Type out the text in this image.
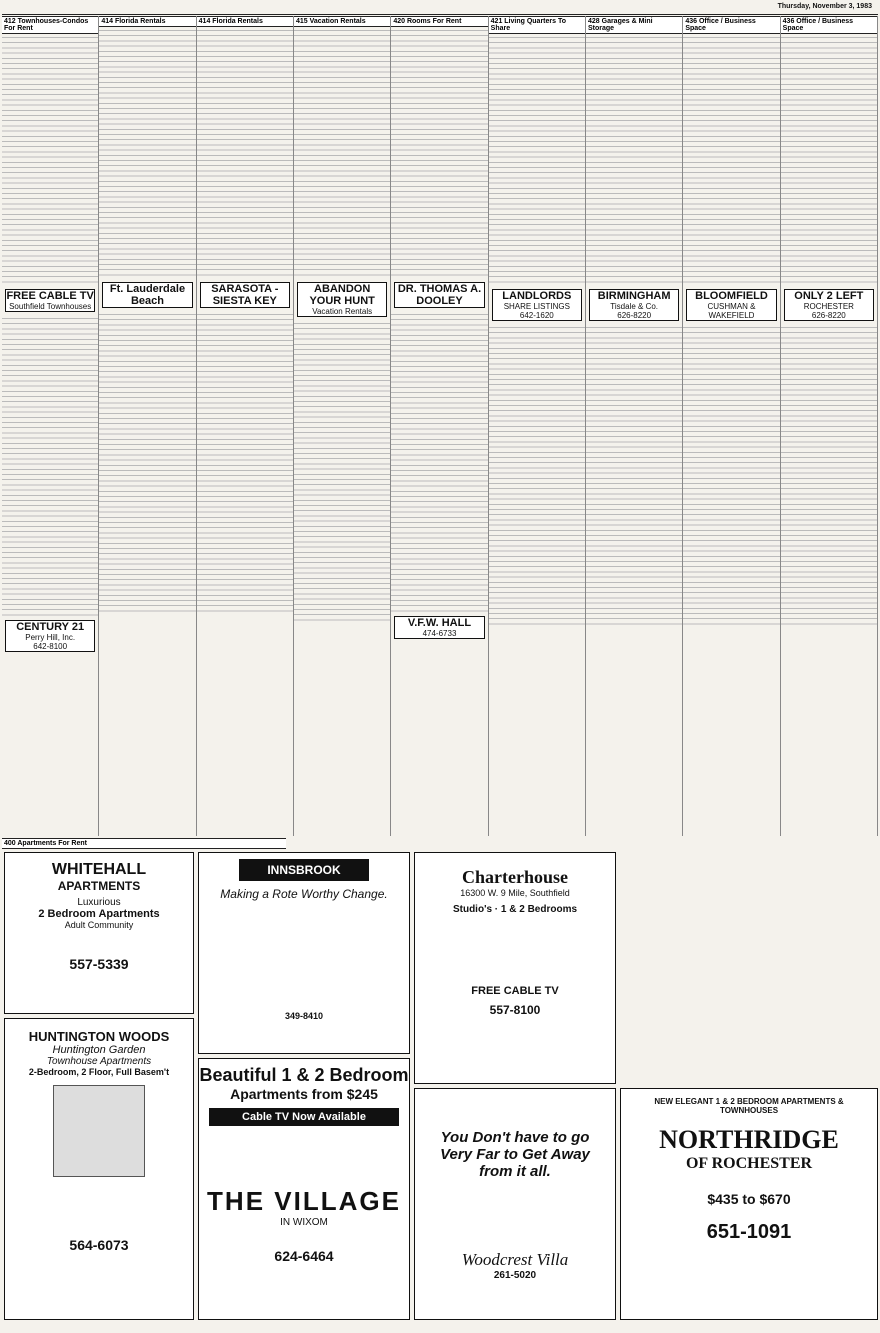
Thursday, November 3, 1983
412 Townhouses-Condos For Rent
FREE CABLE TV
Southfield Townhouses
CENTURY 21
Perry Hill, Inc.
642-8100
414 Florida Rentals
Ft. Lauderdale Beach
414 Florida Rentals
SARASOTA - SIESTA KEY
415 Vacation Rentals
ABANDON YOUR HUNT
Vacation Rentals
420 Rooms For Rent
DR. THOMAS A. DOOLEY
V.F.W. HALL
474-6733
421 Living Quarters To Share
LANDLORDS
SHARE LISTINGS
642-1620
428 Garages & Mini Storage
BIRMINGHAM
Tisdale & Co.
626-8220
436 Office / Business Space
BLOOMFIELD
CUSHMAN & WAKEFIELD
436 Office / Business Space
ONLY 2 LEFT
ROCHESTER
626-8220
400 Apartments For Rent
WHITEHALL
APARTMENTS
Luxurious
2 Bedroom Apartments
Adult Community
557-5339
HUNTINGTON WOODS
Huntington Garden
Townhouse Apartments
2-Bedroom, 2 Floor, Full Basem't
564-6073
INNSBROOK
Making a Rote Worthy Change.
349-8410
Beautiful 1 & 2 Bedroom
Apartments from $245
Cable TV Now Available
THE VILLAGE
IN WIXOM
624-6464
Charterhouse
16300 W. 9 Mile, Southfield
Studio's · 1 & 2 Bedrooms
FREE CABLE TV
557-8100
You Don't have to go Very Far to Get Away from it all.
Woodcrest Villa
261-5020
NEW ELEGANT 1 & 2 BEDROOM APARTMENTS & TOWNHOUSES
NORTHRIDGE
OF ROCHESTER
$435 to $670
651-1091
